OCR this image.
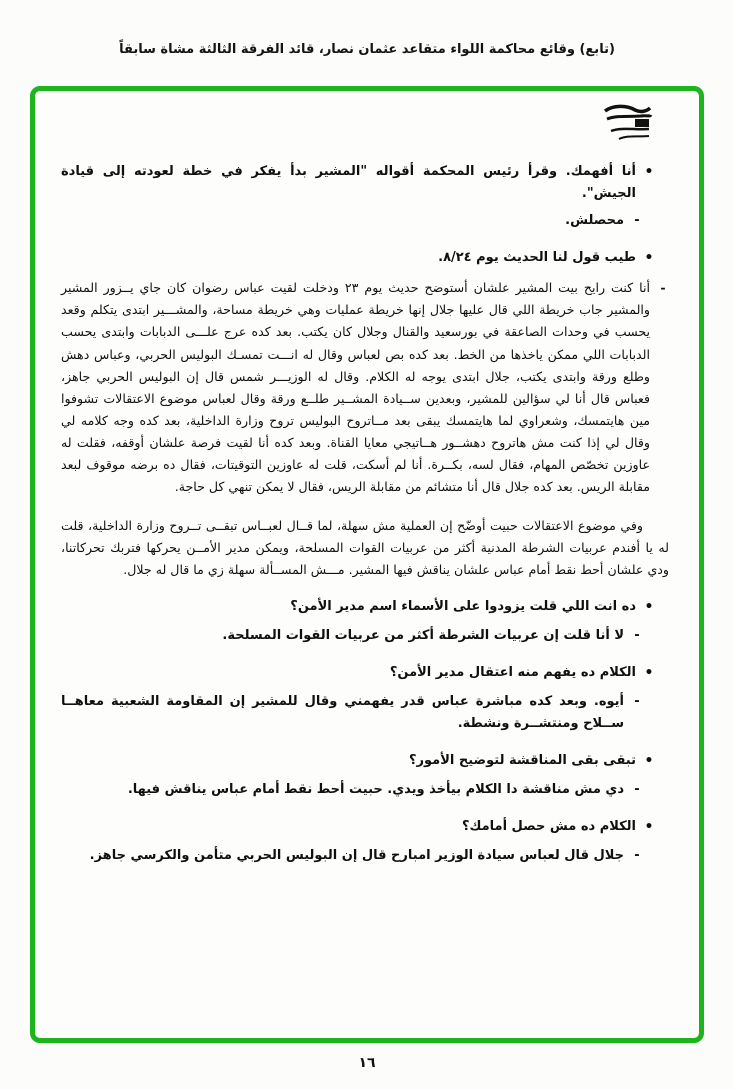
(تابع) وقائع محاكمة اللواء متقاعد عثمان نصار، قائد الفرقة الثالثة مشاة سابقاً
•
أنا أفهمك. وقرأ رئيس المحكمة أقواله "المشير بدأ يفكر في خطة لعودته إلى قيادة الجيش".
-
محصلش.
•
طيب قول لنا الحديث يوم ٨/٢٤.
-
أنا كنت رايح بيت المشير علشان أستوضح حديث يوم ٢٣ ودخلت لقيت عباس رضوان كان جاي يــزور المشير والمشير جاب خريطة اللي قال عليها جلال إنها خريطة عمليات وهي خريطة مساحة، والمشـــير ابتدى يتكلم وقعد يحسب في وحدات الصاعقة في بورسعيد والقنال وجلال كان يكتب. بعد كده عرج علـــى الدبابات وابتدى يحسب الدبابات اللي ممكن ياخذها من الخط. بعد كده بص لعباس وقال له انـــت تمسـك البوليس الحربي، وعباس دهش وطلع ورقة وابتدى يكتب، جلال ابتدى يوجه له الكلام. وقال له الوزيـــر شمس قال إن البوليس الحربي جاهز، فعباس قال أنا لي سؤالين للمشير، وبعدين ســيادة المشــير طلــع ورقة وقال لعباس موضوع الاعتقالات تشوفوا مين هايتمسك، وشعراوي لما هايتمسك يبقى بعد مــاتروح البوليس تروح وزارة الداخلية، بعد كده وجه كلامه لي وقال لي إذا كنت مش هاتروح دهشــور هــاتيجي معايا القناة. وبعد كده أنا لقيت فرصة علشان أوقفه، فقلت له عاوزين تخصّص المهام، فقال لسه، بكــرة. أنا لم أسكت، قلت له عاوزين التوقيتات، فقال ده برضه موقوف لبعد مقابلة الريس. بعد كده جلال قال أنا متشائم من مقابلة الريس، فقال لا يمكن تنهي كل حاجة.
وفي موضوع الاعتقالات حبيت أوضّح إن العملية مش سهلة، لما قــال لعبــاس تبقــى تــروح وزارة الداخلية، قلت له يا أفندم عربيات الشرطة المدنية أكثر من عربيات القوات المسلحة، ويمكن مدير الأمــن يحركها فتربك تحركاتنا، ودي علشان أحط نقط أمام عباس علشان يناقش فيها المشير. مـــش المســألة سهلة زي ما قال له جلال.
•
ده انت اللي قلت يزودوا على الأسماء اسم مدير الأمن؟
-
لا أنا قلت إن عربيات الشرطة أكثر من عربيات القوات المسلحة.
•
الكلام ده يفهم منه اعتقال مدير الأمن؟
-
أيوه. وبعد كده مباشرة عباس قدر يفهمني وقال للمشير إن المقاومة الشعبية معاهــا ســلاح ومنتشــرة ونشطة.
•
تبقى بقى المناقشة لتوضيح الأمور؟
-
دي مش مناقشة دا الكلام بيأخذ ويدي. حبيت أحط نقط أمام عباس يناقش فيها.
•
الكلام ده مش حصل أمامك؟
-
جلال قال لعباس سيادة الوزير امبارح قال إن البوليس الحربي متأمن والكرسي جاهز.
١٦
